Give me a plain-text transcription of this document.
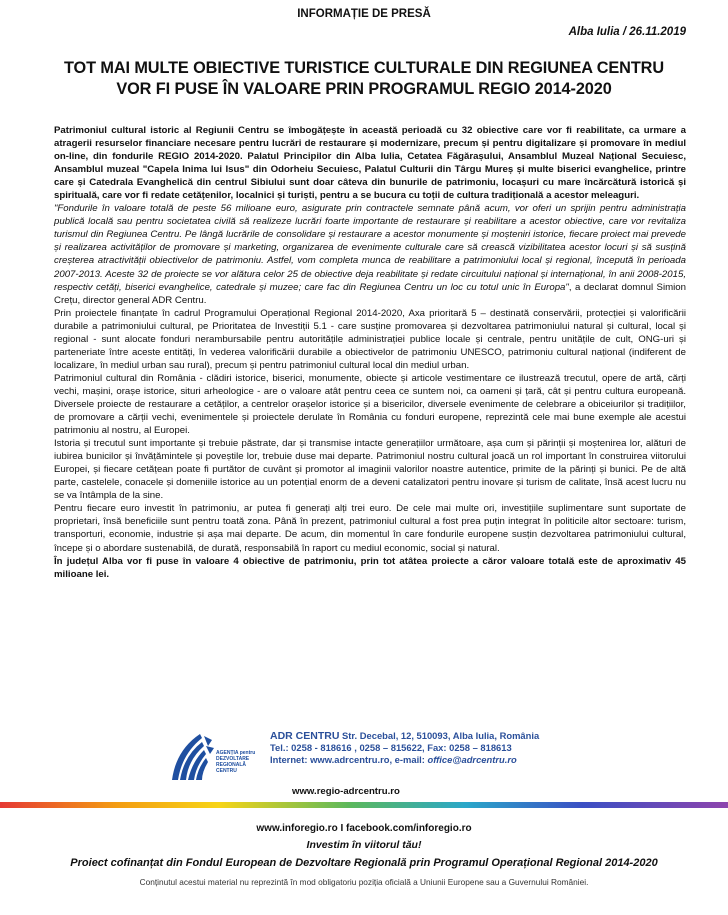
INFORMAȚIE DE PRESĂ
Alba Iulia / 26.11.2019
TOT MAI MULTE OBIECTIVE TURISTICE CULTURALE DIN REGIUNEA CENTRU
VOR FI PUSE ÎN VALOARE PRIN PROGRAMUL REGIO 2014-2020

Patrimoniul cultural istoric al Regiunii Centru se îmbogățește în această perioadă cu 32 obiective care vor fi reabilitate, ca urmare a atragerii resurselor financiare necesare pentru lucrări de restaurare și modernizare, precum și pentru digitalizare și promovare în mediul on-line, din fondurile REGIO 2014-2020. Palatul Principilor din Alba Iulia, Cetatea Făgărașului, Ansamblul Muzeal Național Secuiesc, Ansamblul muzeal "Capela Inima lui Isus" din Odorheiu Secuiesc, Palatul Culturii din Târgu Mureș și multe biserici evanghelice, printre care și Catedrala Evanghelică din centrul Sibiului sunt doar câteva din bunurile de patrimoniu, locașuri cu mare încărcătură istorică și spirituală, care vor fi redate cetățenilor, localnici și turiști, pentru a se bucura cu toții de cultura tradițională a acestor meleaguri.

"Fondurile în valoare totală de peste 56 milioane euro, asigurate prin contractele semnate până acum, vor oferi un sprijin pentru administrația publică locală sau pentru societatea civilă să realizeze lucrări foarte importante de restaurare și reabilitare a acestor obiective, care vor revitaliza turismul din Regiunea Centru. Pe lângă lucrările de consolidare și restaurare a acestor monumente și moșteniri istorice, fiecare proiect mai prevede și realizarea activităților de promovare și marketing, organizarea de evenimente culturale care să crească vizibilitatea acestor locuri și să susțină creșterea atractivității obiectivelor de patrimoniu. Astfel, vom completa munca de reabilitare a patrimoniului local și regional, începută în perioada 2007-2013. Aceste 32 de proiecte se vor alătura celor 25 de obiective deja reabilitate și redate circuitului național și internațional, în anii 2008-2015, respectiv cetăți, biserici evanghelice, catedrale și muzee; care fac din Regiunea Centru un loc cu totul unic în Europa", a declarat domnul Simion Crețu, director general ADR Centru.

Prin proiectele finanțate în cadrul Programului Operațional Regional 2014-2020, Axa prioritară 5 – destinată conservării, protecției și valorificării durabile a patrimoniului cultural, pe Prioritatea de Investiții 5.1 - care susține promovarea și dezvoltarea patrimoniului natural și cultural, local și regional - sunt alocate fonduri nerambursabile pentru autoritățile administrației publice locale și centrale, pentru unitățile de cult, ONG-uri și parteneriate între aceste entități, în vederea valorificării durabile a obiectivelor de patrimoniu UNESCO, patrimoniu cultural național (indiferent de localizare, în mediul urban sau rural), precum și pentru patrimoniul cultural local din mediul urban.

Patrimoniul cultural din România - clădiri istorice, biserici, monumente, obiecte și articole vestimentare ce ilustrează trecutul, opere de artă, cărți vechi, mașini, orașe istorice, situri arheologice - are o valoare atât pentru ceea ce suntem noi, ca oameni și țară, cât și pentru cultura europeană. Diversele proiecte de restaurare a cetăților, a centrelor orașelor istorice și a bisericilor, diversele evenimente de celebrare a obiceiurilor și tradițiilor, de promovare a cărții vechi, evenimentele și proiectele derulate în România cu fonduri europene, reprezintă cele mai bune exemple ale acestui patrimoniu al nostru, al Europei.

Istoria și trecutul sunt importante și trebuie păstrate, dar și transmise intacte generațiilor următoare, așa cum și părinții și moștenirea lor, alături de iubirea bunicilor și învățămintele și poveștile lor, trebuie duse mai departe. Patrimoniul nostru cultural joacă un rol important în construirea viitorului Europei, și fiecare cetățean poate fi purtător de cuvânt și promotor al imaginii valorilor noastre autentice, primite de la părinți și bunici. Pe de altă parte, castelele, conacele și domeniile istorice au un potențial enorm de a deveni catalizatori pentru inovare și turism de calitate, însă acest lucru nu se va întâmpla de la sine.

Pentru fiecare euro investit în patrimoniu, ar putea fi generați alți trei euro. De cele mai multe ori, investițiile suplimentare sunt suportate de proprietari, însă beneficiile sunt pentru toată zona. Până în prezent, patrimoniul cultural a fost prea puțin integrat în politicile altor sectoare: turism, transporturi, economie, industrie și așa mai departe. De acum, din momentul în care fondurile europene susțin dezvoltarea patrimoniului cultural, începe și o abordare sustenabilă, de durată, responsabilă în raport cu mediul economic, social și natural.

În județul Alba vor fi puse în valoare 4 obiective de patrimoniu, prin tot atâtea proiecte a căror valoare totală este de aproximativ 45 milioane lei.

AGENȚIA pentru
DEZVOLTARE
REGIONALĂ
CENTRU
ADR CENTRU Str. Decebal, 12, 510093, Alba Iulia, România
Tel.: 0258 - 818616 , 0258 – 815622, Fax: 0258 – 818613
Internet: www.adrcentru.ro, e-mail: office@adrcentru.ro
www.regio-adrcentru.ro
www.inforegio.ro I facebook.com/inforegio.ro
Investim în viitorul tău!
Proiect cofinanțat din Fondul European de Dezvoltare Regională prin Programul Operațional Regional 2014-2020
Conținutul acestui material nu reprezintă în mod obligatoriu poziția oficială a Uniunii Europene sau a Guvernului României.
